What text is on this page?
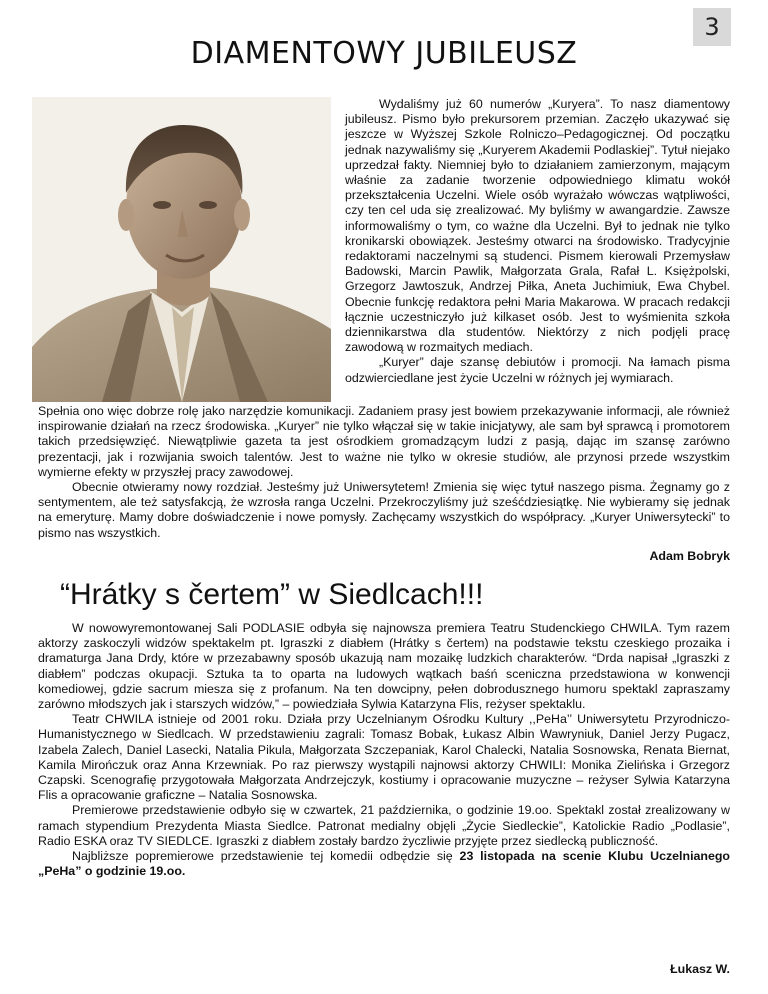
3
DIAMENTOWY JUBILEUSZ

Wydaliśmy już 60 numerów „Kuryera”. To nasz diamentowy jubileusz. Pismo było prekursorem przemian. Zaczęło ukazywać się jeszcze w Wyższej Szkole Rolniczo–Pedagogicznej. Od początku jednak nazywaliśmy się „Kuryerem Akademii Podlaskiej”. Tytuł niejako uprzedzał fakty. Niemniej było to działaniem zamierzonym, mającym właśnie za zadanie tworzenie odpowiedniego klimatu wokół przekształcenia Uczelni. Wiele osób wyrażało wówczas wątpliwości, czy ten cel uda się zrealizować. My byliśmy w awangardzie. Zawsze informowaliśmy o tym, co ważne dla Uczelni. Był to jednak nie tylko kronikarski obowiązek. Jesteśmy otwarci na środowisko. Tradycyjnie redaktorami naczelnymi są studenci. Pismem kierowali Przemysław Badowski, Marcin Pawlik, Małgorzata Grala, Rafał L. Księżpolski, Grzegorz Jawtoszuk, Andrzej Piłka, Aneta Juchimiuk, Ewa Chybel. Obecnie funkcję redaktora pełni Maria Makarowa. W pracach redakcji łącznie uczestniczyło już kilkaset osób. Jest to wyśmienita szkoła dziennikarstwa dla studentów. Niektórzy z nich podjęli pracę zawodową w rozmaitych mediach.

„Kuryer” daje szansę debiutów i promocji. Na łamach pisma odzwierciedlane jest życie Uczelni w różnych jej wymiarach.

Spełnia ono więc dobrze rolę jako narzędzie komunikacji. Zadaniem prasy jest bowiem przekazywanie informacji, ale również inspirowanie działań na rzecz środowiska. „Kuryer” nie tylko włączał się w takie inicjatywy, ale sam był sprawcą i promotorem takich przedsięwzięć. Niewątpliwie gazeta ta jest ośrodkiem gromadzącym ludzi z pasją, dając im szansę zarówno prezentacji, jak i rozwijania swoich talentów. Jest to ważne nie tylko w okresie studiów, ale przynosi przede wszystkim wymierne efekty w przyszłej pracy zawodowej.

Obecnie otwieramy nowy rozdział. Jesteśmy już Uniwersytetem! Zmienia się więc tytuł naszego pisma. Żegnamy go z sentymentem, ale też satysfakcją, że wzrosła ranga Uczelni. Przekroczyliśmy już sześćdziesiątkę. Nie wybieramy się jednak na emeryturę. Mamy dobre doświadczenie i nowe pomysły. Zachęcamy wszystkich do współpracy. „Kuryer Uniwersytecki” to pismo nas wszystkich.

Adam Bobryk
“Hrátky s čertem” w Siedlcach!!!

W nowowyremontowanej Sali PODLASIE odbyła się najnowsza premiera Teatru Studenckiego CHWILA. Tym razem aktorzy zaskoczyli widzów spektakelm pt. Igraszki z diabłem (Hrátky s čertem) na podstawie tekstu czeskiego prozaika i dramaturga Jana Drdy, które w przezabawny sposób ukazują nam mozaikę ludzkich charakterów. “Drda napisał „Igraszki z diabłem” podczas okupacji. Sztuka ta to oparta na ludowych wątkach baśń sceniczna przedstawiona w konwencji komediowej, gdzie sacrum miesza się z profanum. Na ten dowcipny, pełen dobrodusznego humoru spektakl zapraszamy zarówno młodszych jak i starszych widzów,” – powiedziała Sylwia Katarzyna Flis, reżyser spektaklu.

Teatr CHWILA istnieje od 2001 roku. Działa przy Uczelnianym Ośrodku Kultury ,,PeHa’’ Uniwersytetu Przyrodniczo-Humanistycznego w Siedlcach. W przedstawieniu zagrali: Tomasz Bobak, Łukasz Albin Wawryniuk, Daniel Jerzy Pugacz, Izabela Zalech, Daniel Lasecki, Natalia Pikula, Małgorzata Szczepaniak, Karol Chalecki, Natalia Sosnowska, Renata Biernat, Kamila Mirończuk oraz Anna Krzewniak. Po raz pierwszy wystąpili najnowsi aktorzy CHWILI: Monika Zielińska i Grzegorz Czapski. Scenografię przygotowała Małgorzata Andrzejczyk, kostiumy i opracowanie muzyczne – reżyser Sylwia Katarzyna Flis a opracowanie graficzne – Natalia Sosnowska.

Premierowe przedstawienie odbyło się w czwartek, 21 października, o godzinie 19.oo. Spektakl został zrealizowany w ramach stypendium Prezydenta Miasta Siedlce. Patronat medialny objęli „Życie Siedleckie”, Katolickie Radio „Podlasie”, Radio ESKA oraz TV SIEDLCE. Igraszki z diabłem zostały bardzo życzliwie przyjęte przez siedlecką publiczność.

Najbliższe popremierowe przedstawienie tej komedii odbędzie się 23 listopada na scenie Klubu Uczelnianego „PeHa” o godzinie 19.oo.

Łukasz W.
